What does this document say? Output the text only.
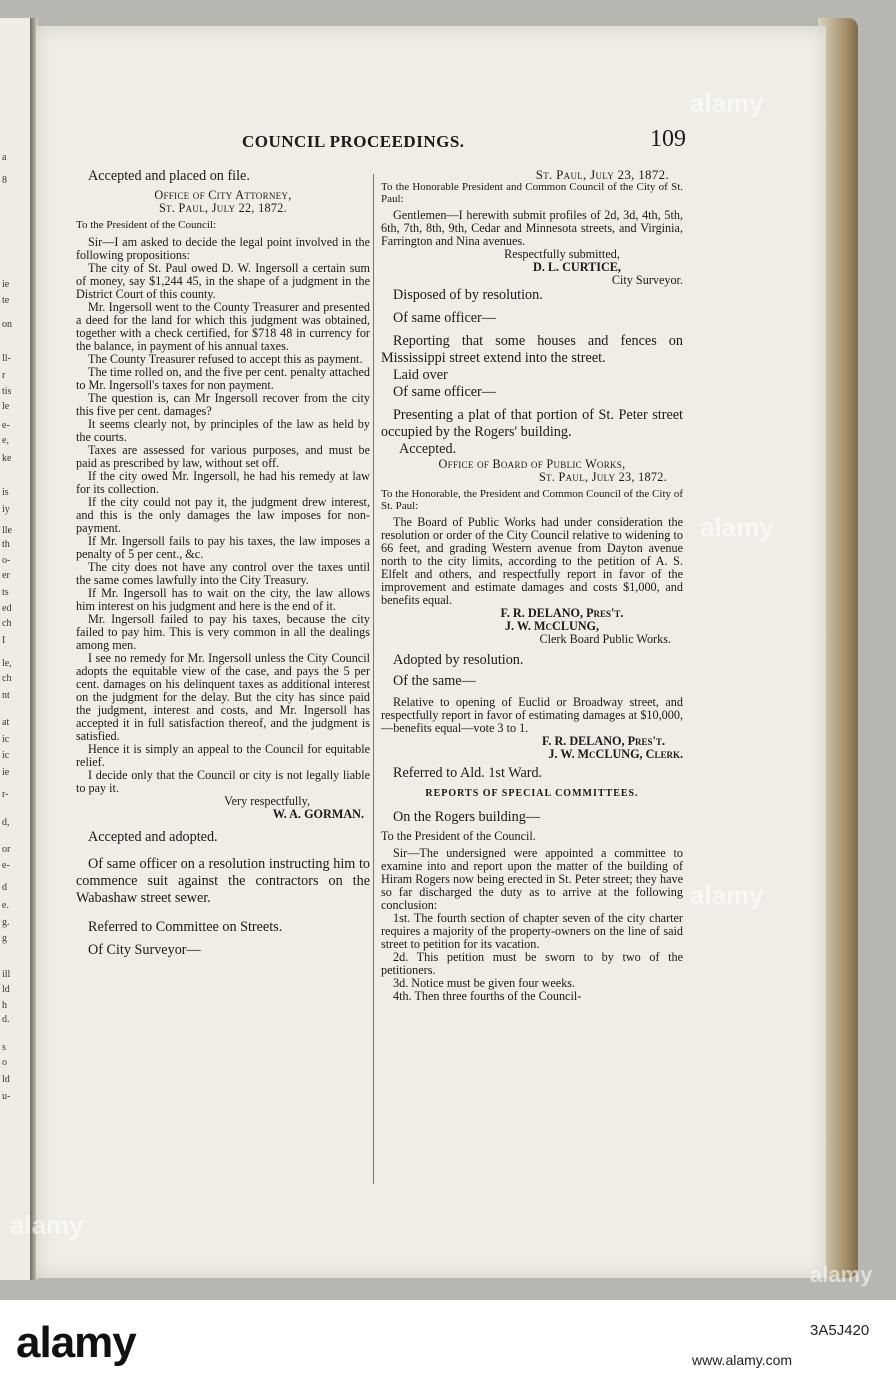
a
8
ie
te
on
ll-
r
tis
le
e-
e,
ke
is
iy
lle
th
o-
er
ts
ed
ch
I
le,
ch
nt
at
ic
ic
ie
r-
d,
or
e-
d
e.
g.
g
ill
ld
h
d.
s
o
ld
u-
COUNCIL PROCEEDINGS.	109

Accepted and placed on file.

Office of City Attorney,

St. Paul, July 22, 1872.

To the President of the Council:

Sir—I am asked to decide the legal point involved in the following propositions:

The city of St. Paul owed D. W. Ingersoll a certain sum of money, say $1,244 45, in the shape of a judgment in the District Court of this county.

Mr. Ingersoll went to the County Treasurer and presented a deed for the land for which this judgment was obtained, together with a check certified, for $718 48 in currency for the balance, in payment of his annual taxes.

The County Treasurer refused to accept this as payment.

The time rolled on, and the five per cent. penalty attached to Mr. Ingersoll's taxes for non payment.

The question is, can Mr Ingersoll recover from the city this five per cent. damages?

It seems clearly not, by principles of the law as held by the courts.

Taxes are assessed for various purposes, and must be paid as prescribed by law, without set off.

If the city owed Mr. Ingersoll, he had his remedy at law for its collection.

If the city could not pay it, the judgment drew interest, and this is the only damages the law imposes for non-payment.

If Mr. Ingersoll fails to pay his taxes, the law imposes a penalty of 5 per cent., &c.

The city does not have any control over the taxes until the same comes lawfully into the City Treasury.

If Mr. Ingersoll has to wait on the city, the law allows him interest on his judgment and here is the end of it.

Mr. Ingersoll failed to pay his taxes, because the city failed to pay him. This is very common in all the dealings among men.

I see no remedy for Mr. Ingersoll unless the City Council adopts the equitable view of the case, and pays the 5 per cent. damages on his delinquent taxes as additional interest on the judgment for the delay. But the city has since paid the judgment, interest and costs, and Mr. Ingersoll has accepted it in full satisfaction thereof, and the judgment is satisfied.

Hence it is simply an appeal to the Council for equitable relief.

I decide only that the Council or city is not legally liable to pay it.

Very respectfully,

W. A. GORMAN.

Accepted and adopted.

Of same officer on a resolution instructing him to commence suit against the contractors on the Wabashaw street sewer.

Referred to Committee on Streets.

Of City Surveyor—

St. Paul, July 23, 1872.

To the Honorable President and Common Council of the City of St. Paul:

Gentlemen—I herewith submit profiles of 2d, 3d, 4th, 5th, 6th, 7th, 8th, 9th, Cedar and Minnesota streets, and Virginia, Farrington and Nina avenues.

Respectfully submitted,

D. L. CURTICE,

City Surveyor.

Disposed of by resolution.

Of same officer—

Reporting that some houses and fences on Mississippi street extend into the street.

Laid over

Of same officer—

Presenting a plat of that portion of St. Peter street occupied by the Rogers' building.

Accepted.

Office of Board of Public Works,

St. Paul, July 23, 1872.

To the Honorable, the President and Common Council of the City of St. Paul:

The Board of Public Works had under consideration the resolution or order of the City Council relative to widening to 66 feet, and grading Western avenue from Dayton avenue north to the city limits, according to the petition of A. S. Elfelt and others, and respectfully report in favor of the improvement and estimate damages and costs $1,000, and benefits equal.

F. R. DELANO, Pres't.

J. W. McCLUNG,

Clerk Board Public Works.

Adopted by resolution.

Of the same—

Relative to opening of Euclid or Broadway street, and respectfully report in favor of estimating damages at $10,000,—benefits equal—vote 3 to 1.

F. R. DELANO, Pres't.

J. W. McCLUNG, Clerk.

Referred to Ald. 1st Ward.

REPORTS OF SPECIAL COMMITTEES.

On the Rogers building—

To the President of the Council.

Sir—The undersigned were appointed a committee to examine into and report upon the matter of the building of Hiram Rogers now being erected in St. Peter street; they have so far discharged the duty as to arrive at the following conclusion:

1st. The fourth section of chapter seven of the city charter requires a majority of the property-owners on the line of said street to petition for its vacation.

2d. This petition must be sworn to by two of the petitioners.

3d. Notice must be given four weeks.

4th. Then three fourths of the Council-

alamy
alamy
alamy
alamy
alamy
alamy	3A5J420
www.alamy.com
